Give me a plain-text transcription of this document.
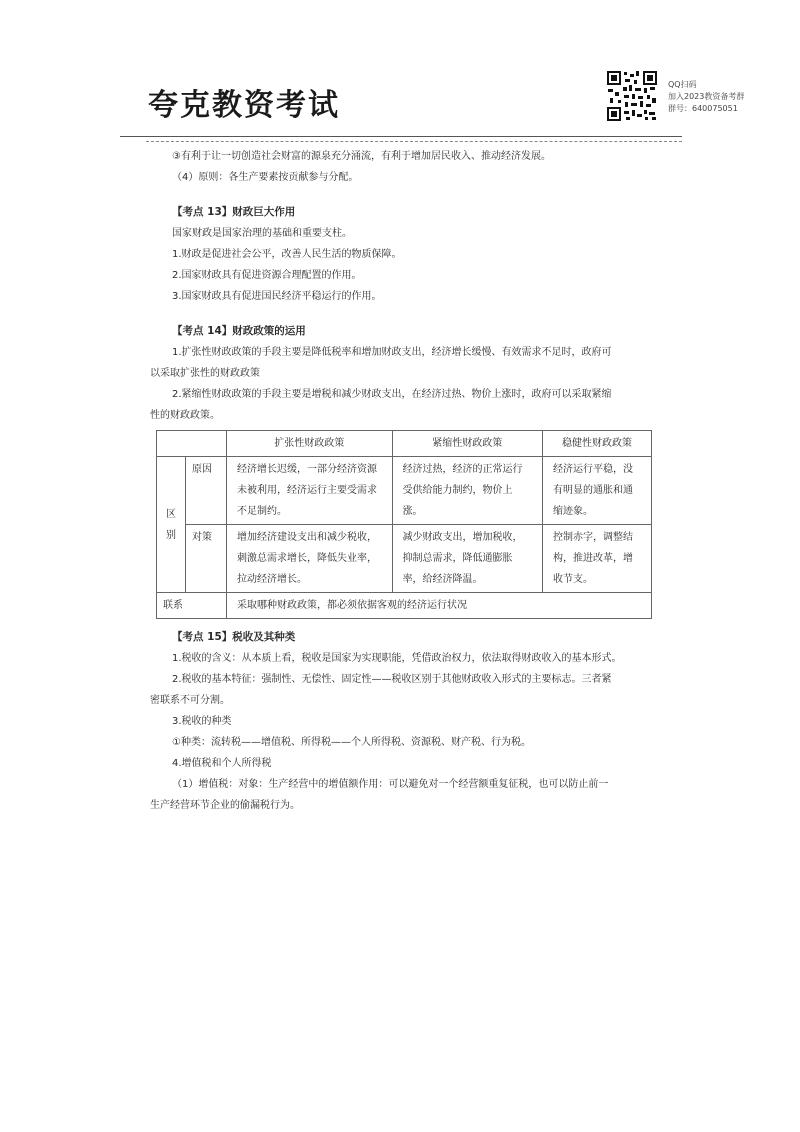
夸克教资考试
QQ扫码
加入2023教资备考群
群号：640075051

③有利于让一切创造社会财富的源泉充分涌流，有利于增加居民收入、推动经济发展。

（4）原则：各生产要素按贡献参与分配。

【考点 13】财政巨大作用

国家财政是国家治理的基础和重要支柱。

1.财政是促进社会公平，改善人民生活的物质保障。

2.国家财政具有促进资源合理配置的作用。

3.国家财政具有促进国民经济平稳运行的作用。

【考点 14】财政政策的运用

1.扩张性财政政策的手段主要是降低税率和增加财政支出，经济增长缓慢、有效需求不足时，政府可

以采取扩张性的财政政策

2.紧缩性财政政策的手段主要是增税和减少财政支出，在经济过热、物价上涨时，政府可以采取紧缩

性的财政政策。

		扩张性财政政策	紧缩性财政政策	稳健性财政政策
区别	原因	经济增长迟缓，一部分经济资源未被利用，经济运行主要受需求不足制约。	经济过热，经济的正常运行受供给能力制约，物价上涨。	经济运行平稳，没有明显的通胀和通缩迹象。
	对策	增加经济建设支出和减少税收，刺激总需求增长，降低失业率，拉动经济增长。	减少财政支出，增加税收，抑制总需求，降低通膨胀率，给经济降温。	控制赤字，调整结构，推进改革，增收节支。
联系		采取哪种财政政策，都必须依据客观的经济运行状况		

【考点 15】税收及其种类

1.税收的含义：从本质上看，税收是国家为实现职能，凭借政治权力，依法取得财政收入的基本形式。

2.税收的基本特征：强制性、无偿性、固定性——税收区别于其他财政收入形式的主要标志。三者紧

密联系不可分割。

3.税收的种类

①种类：流转税——增值税、所得税——个人所得税、资源税、财产税、行为税。

4.增值税和个人所得税

（1）增值税：对象：生产经营中的增值额作用：可以避免对一个经营额重复征税，也可以防止前一

生产经营环节企业的偷漏税行为。
